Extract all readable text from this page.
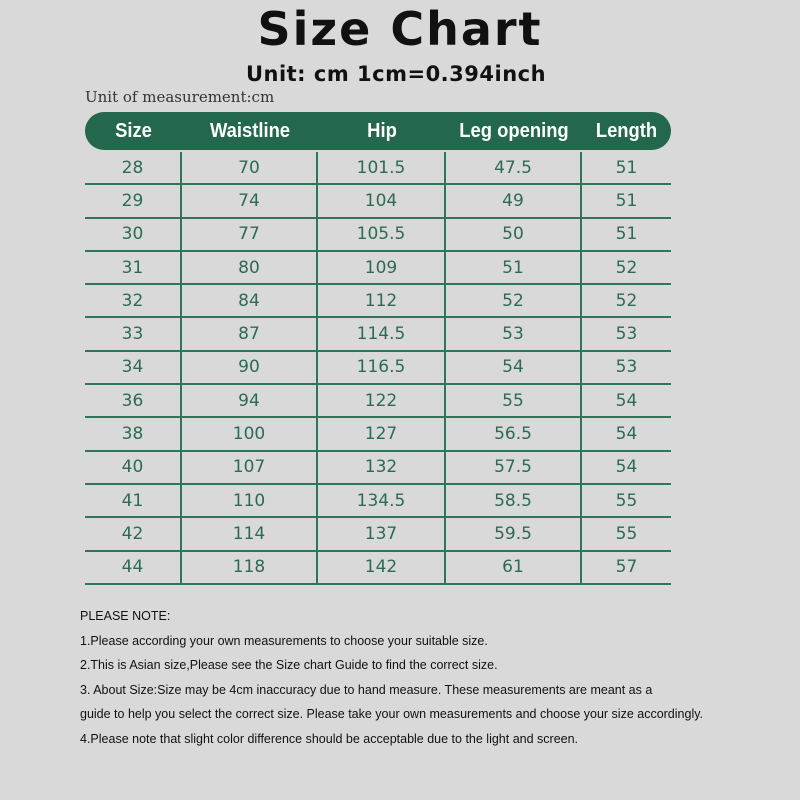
Size Chart
Unit: cm 1cm=0.394inch
Unit of measurement:cm
Size	Waistline	Hip	Leg opening	Length
28	70	101.5	47.5	51
29	74	104	49	51
30	77	105.5	50	51
31	80	109	51	52
32	84	112	52	52
33	87	114.5	53	53
34	90	116.5	54	53
36	94	122	55	54
38	100	127	56.5	54
40	107	132	57.5	54
41	110	134.5	58.5	55
42	114	137	59.5	55
44	118	142	61	57
PLEASE NOTE:
1.Please according your own measurements to choose your suitable size.
2.This is Asian size,Please see the Size chart Guide to find the correct size.
3. About Size:Size may be 4cm inaccuracy due to hand measure. These measurements are meant as a
guide to help you select the correct size. Please take your own measurements and choose your size accordingly.
4.Please note that slight color difference should be acceptable due to the light and screen.
